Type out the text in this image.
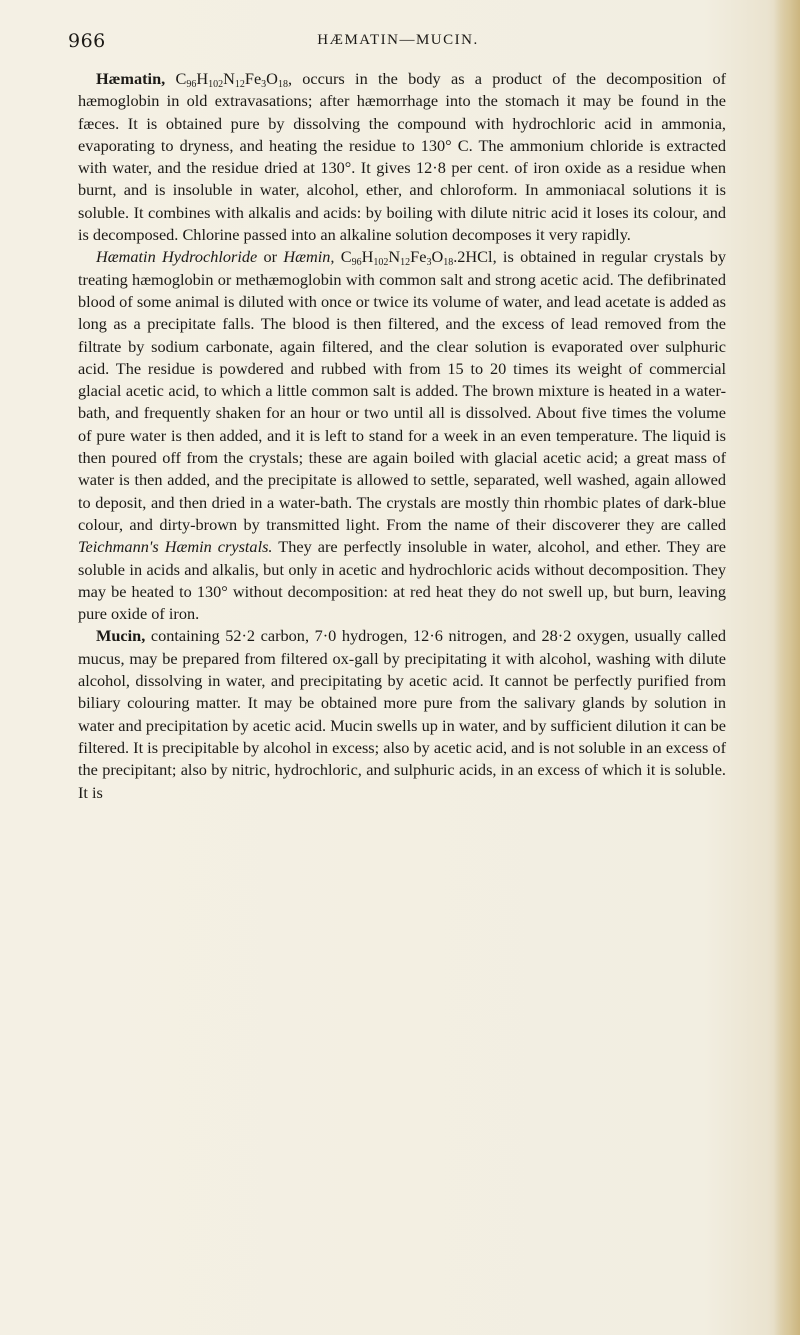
966	HÆMATIN—MUCIN.

Hæmatin, $C_{96}H_{102}N_{12}Fe_3O_{18}$, occurs in the body as a product of the decomposition of hæmoglobin in old extravasations; after hæmorrhage into the stomach it may be found in the fæces. It is obtained pure by dissolving the compound with hydrochloric acid in ammonia, evaporating to dryness, and heating the residue to 130° C. The ammonium chloride is extracted with water, and the residue dried at 130°. It gives 12·8 per cent. of iron oxide as a residue when burnt, and is insoluble in water, alcohol, ether, and chloroform. In ammoniacal solutions it is soluble. It combines with alkalis and acids: by boiling with dilute nitric acid it loses its colour, and is decomposed. Chlorine passed into an alkaline solution decomposes it very rapidly.

Hæmatin Hydrochloride or Hæmin, $C_{96}H_{102}N_{12}Fe_3O_{18}.2HCl$, is obtained in regular crystals by treating hæmoglobin or methæmoglobin with common salt and strong acetic acid. The defibrinated blood of some animal is diluted with once or twice its volume of water, and lead acetate is added as long as a precipitate falls. The blood is then filtered, and the excess of lead removed from the filtrate by sodium carbonate, again filtered, and the clear solution is evaporated over sulphuric acid. The residue is powdered and rubbed with from 15 to 20 times its weight of commercial glacial acetic acid, to which a little common salt is added. The brown mixture is heated in a water-bath, and frequently shaken for an hour or two until all is dissolved. About five times the volume of pure water is then added, and it is left to stand for a week in an even temperature. The liquid is then poured off from the crystals; these are again boiled with glacial acetic acid; a great mass of water is then added, and the precipitate is allowed to settle, separated, well washed, again allowed to deposit, and then dried in a water-bath. The crystals are mostly thin rhombic plates of dark-blue colour, and dirty-brown by transmitted light. From the name of their discoverer they are called Teichmann's Hæmin crystals. They are perfectly insoluble in water, alcohol, and ether. They are soluble in acids and alkalis, but only in acetic and hydrochloric acids without decomposition. They may be heated to 130° without decomposition: at red heat they do not swell up, but burn, leaving pure oxide of iron.

Mucin, containing 52·2 carbon, 7·0 hydrogen, 12·6 nitrogen, and 28·2 oxygen, usually called mucus, may be prepared from filtered ox-gall by precipitating it with alcohol, washing with dilute alcohol, dissolving in water, and precipitating by acetic acid. It cannot be perfectly purified from biliary colouring matter. It may be obtained more pure from the salivary glands by solution in water and precipitation by acetic acid. Mucin swells up in water, and by sufficient dilution it can be filtered. It is precipitable by alcohol in excess; also by acetic acid, and is not soluble in an excess of the precipitant; also by nitric, hydrochloric, and sulphuric acids, in an excess of which it is soluble. It is
